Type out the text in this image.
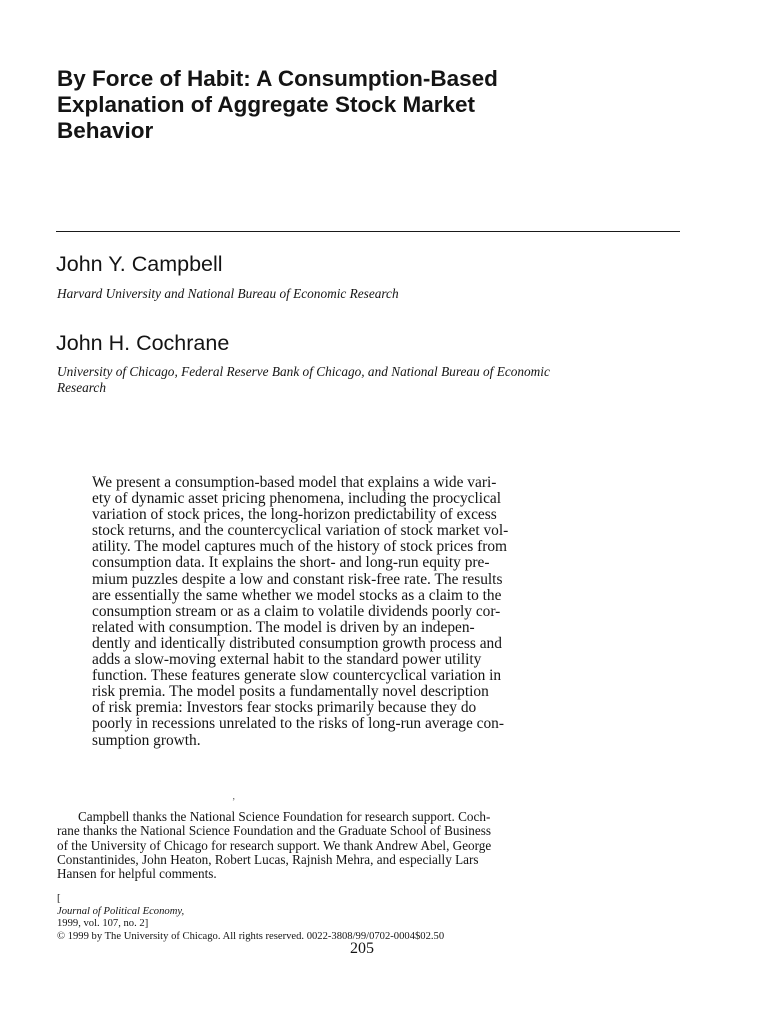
By Force of Habit: A Consumption-Based
Explanation of Aggregate Stock Market
Behavior
John Y. Campbell
Harvard University and National Bureau of Economic Research
John H. Cochrane
University of Chicago, Federal Reserve Bank of Chicago, and National Bureau of Economic
Research
We present a consumption-based model that explains a wide vari-
ety of dynamic asset pricing phenomena, including the procyclical
variation of stock prices, the long-horizon predictability of excess
stock returns, and the countercyclical variation of stock market vol-
atility. The model captures much of the history of stock prices from
consumption data. It explains the short- and long-run equity pre-
mium puzzles despite a low and constant risk-free rate. The results
are essentially the same whether we model stocks as a claim to the
consumption stream or as a claim to volatile dividends poorly cor-
related with consumption. The model is driven by an indepen-
dently and identically distributed consumption growth process and
adds a slow-moving external habit to the standard power utility
function. These features generate slow countercyclical variation in
risk premia. The model posits a fundamentally novel description
of risk premia: Investors fear stocks primarily because they do
poorly in recessions unrelated to the risks of long-run average con-
sumption growth.
ʼ
Campbell thanks the National Science Foundation for research support. Coch-
rane thanks the National Science Foundation and the Graduate School of Business
of the University of Chicago for research support. We thank Andrew Abel, George
Constantinides, John Heaton, Robert Lucas, Rajnish Mehra, and especially Lars
Hansen for helpful comments.
[
Journal of Political Economy,
1999, vol. 107, no. 2]
© 1999 by The University of Chicago. All rights reserved. 0022-3808/99/0702-0004$02.50
205
